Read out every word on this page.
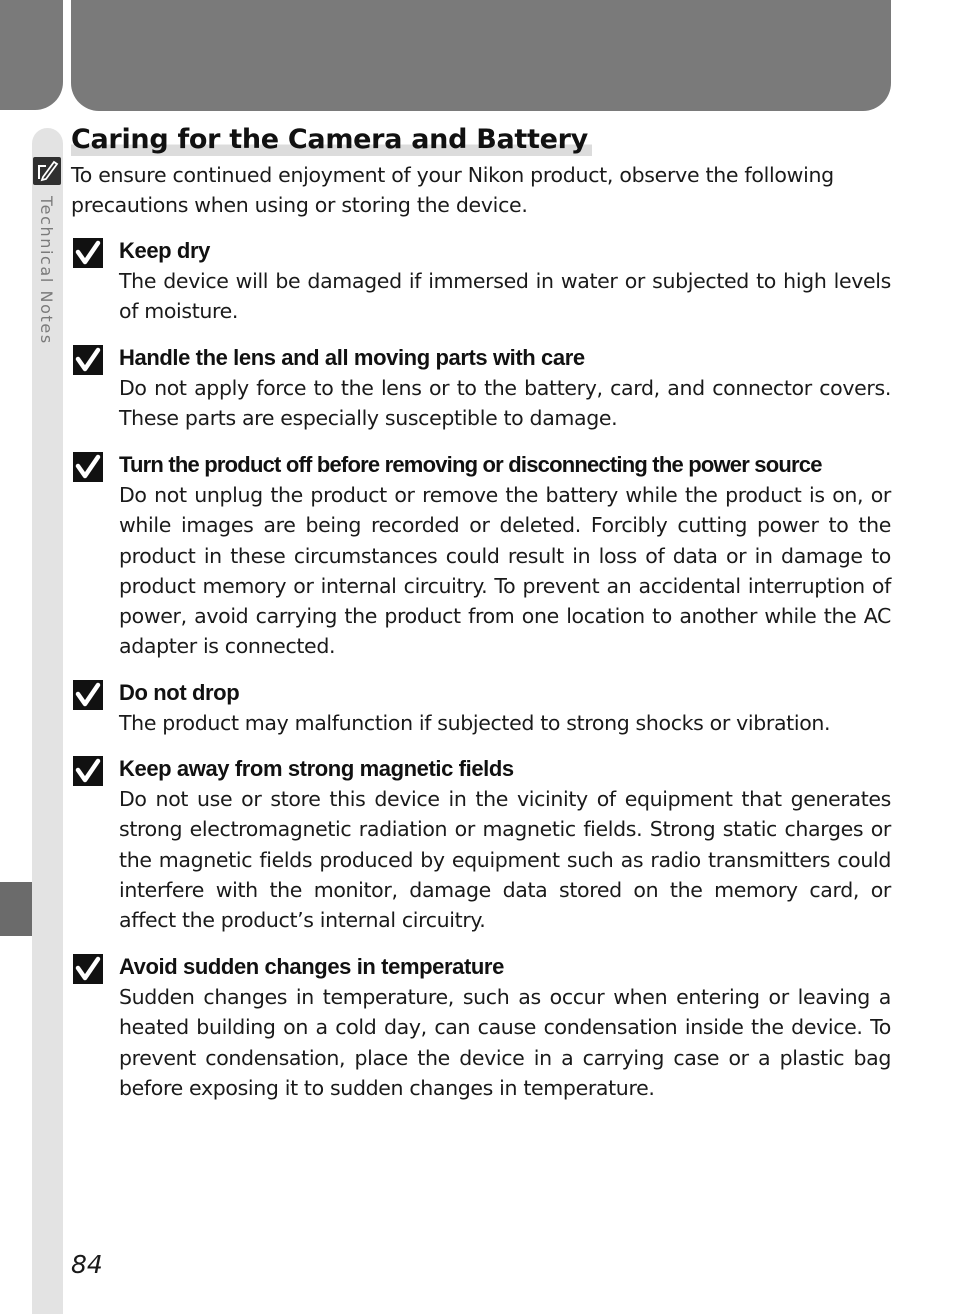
Technical Notes
Caring for the Camera and Battery

To ensure continued enjoyment of your Nikon product, observe the following precautions when using or storing the device.

Keep dry

The device will be damaged if immersed in water or subjected to high levels of moisture.

Handle the lens and all moving parts with care

Do not apply force to the lens or to the battery, card, and connector covers. These parts are especially susceptible to damage.

Turn the product off before removing or disconnecting the power source

Do not unplug the product or remove the battery while the product is on, or while images are being recorded or deleted. Forcibly cutting power to the product in these circumstances could result in loss of data or in damage to product memory or internal circuitry. To prevent an accidental interruption of power, avoid carrying the product from one location to another while the AC adapter is connected.

Do not drop

The product may malfunction if subjected to strong shocks or vibration.

Keep away from strong magnetic fields

Do not use or store this device in the vicinity of equipment that generates strong electromagnetic radiation or magnetic fields. Strong static charges or the magnetic fields produced by equipment such as radio transmitters could interfere with the monitor, damage data stored on the memory card, or affect the product’s internal circuitry.

Avoid sudden changes in temperature

Sudden changes in temperature, such as occur when entering or leaving a heated building on a cold day, can cause condensation inside the device. To prevent condensation, place the device in a carrying case or a plastic bag before exposing it to sudden changes in temperature.

84
